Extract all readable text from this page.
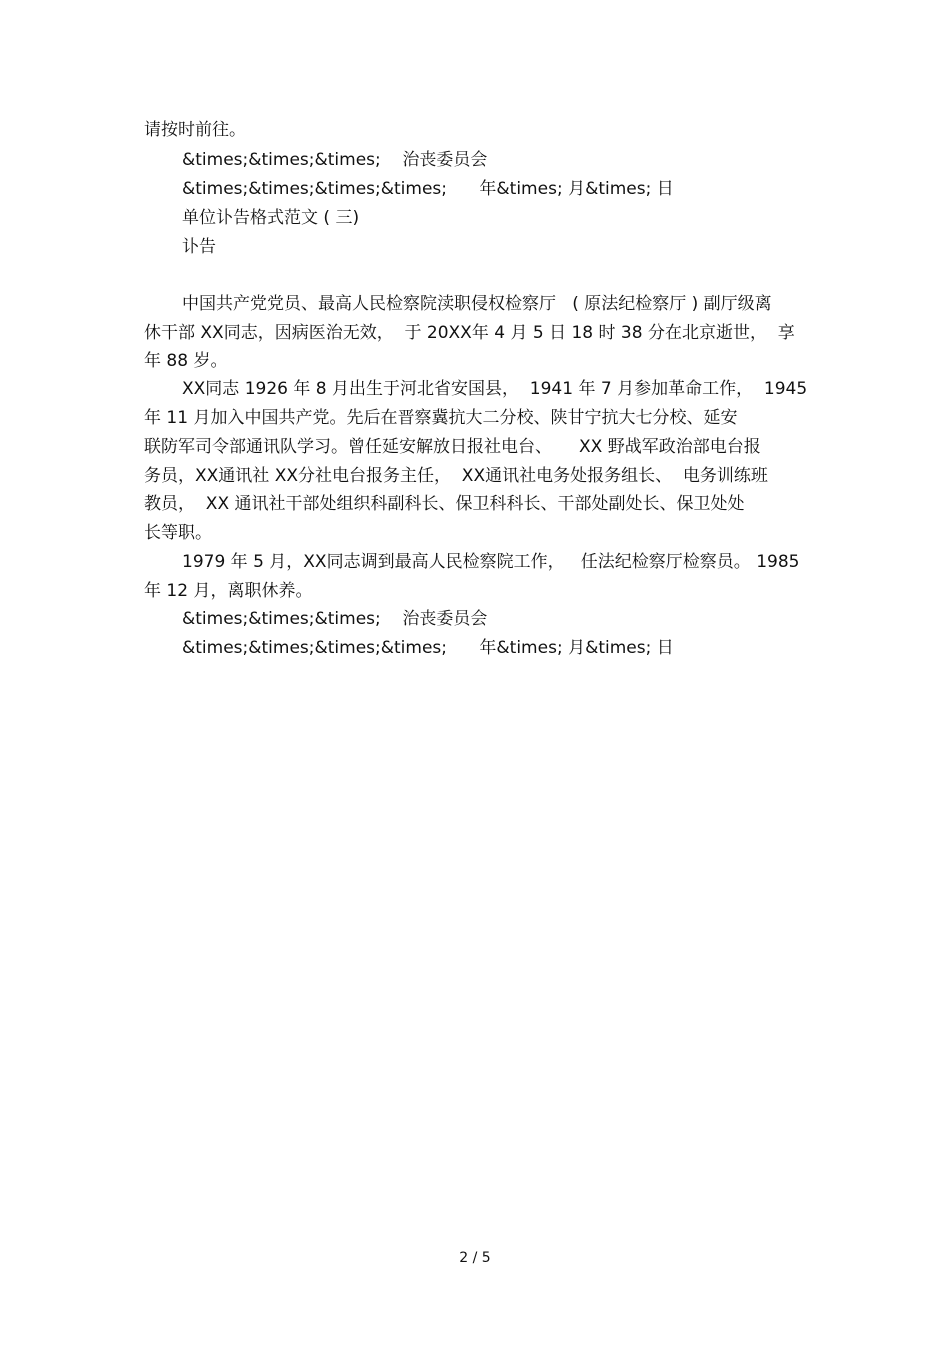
请按时前往。
&times;&times;&times;    治丧委员会
&times;&times;&times;&times;      年&times; 月&times; 日
单位讣告格式范文 ( 三)
讣告
中国共产党党员、最高人民检察院渎职侵权检察厅   ( 原法纪检察厅 ) 副厅级离
休干部 XX同志，因病医治无效，  于 20XX年 4 月 5 日 18 时 38 分在北京逝世，  享
年 88 岁。
XX同志 1926 年 8 月出生于河北省安国县，  1941 年 7 月参加革命工作，  1945
年 11 月加入中国共产党。先后在晋察冀抗大二分校、陕甘宁抗大七分校、延安
联防军司令部通讯队学习。曾任延安解放日报社电台、     XX 野战军政治部电台报
务员，XX通讯社 XX分社电台报务主任，  XX通讯社电务处报务组长、  电务训练班
教员，  XX 通讯社干部处组织科副科长、保卫科科长、干部处副处长、保卫处处
长等职。
1979 年 5 月，XX同志调到最高人民检察院工作，   任法纪检察厅检察员。 1985
年 12 月，离职休养。
&times;&times;&times;    治丧委员会
&times;&times;&times;&times;      年&times; 月&times; 日
2 / 5
